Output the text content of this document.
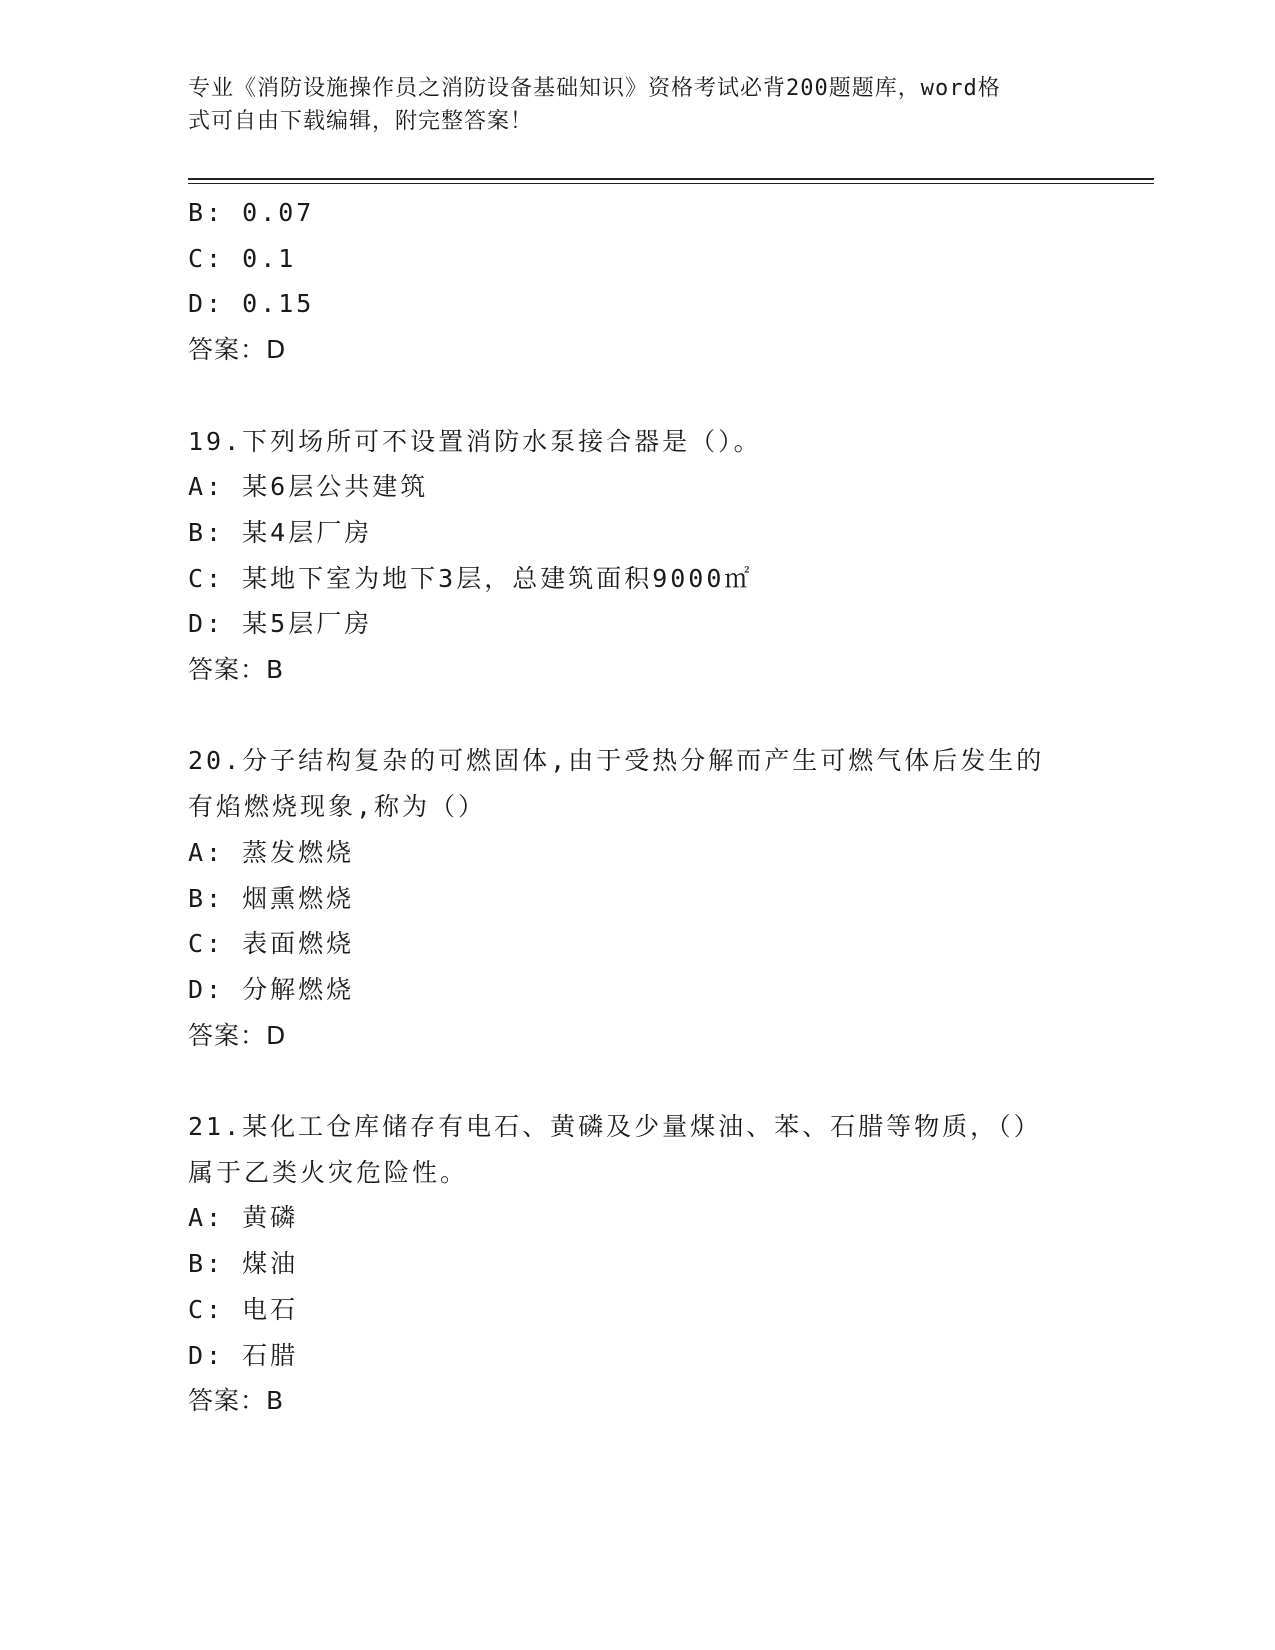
专业《消防设施操作员之消防设备基础知识》资格考试必背200题题库，word格
式可自由下载编辑，附完整答案！
B: 0.07
C: 0.1
D: 0.15
答案：D
19.下列场所可不设置消防水泵接合器是（）。
A: 某6层公共建筑
B: 某4层厂房
C: 某地下室为地下3层，总建筑面积9000㎡
D: 某5层厂房
答案：B
20.分子结构复杂的可燃固体,由于受热分解而产生可燃气体后发生的
有焰燃烧现象,称为（）
A: 蒸发燃烧
B: 烟熏燃烧
C: 表面燃烧
D: 分解燃烧
答案：D
21.某化工仓库储存有电石、黄磷及少量煤油、苯、石腊等物质，（）
属于乙类火灾危险性。
A: 黄磷
B: 煤油
C: 电石
D: 石腊
答案：B
